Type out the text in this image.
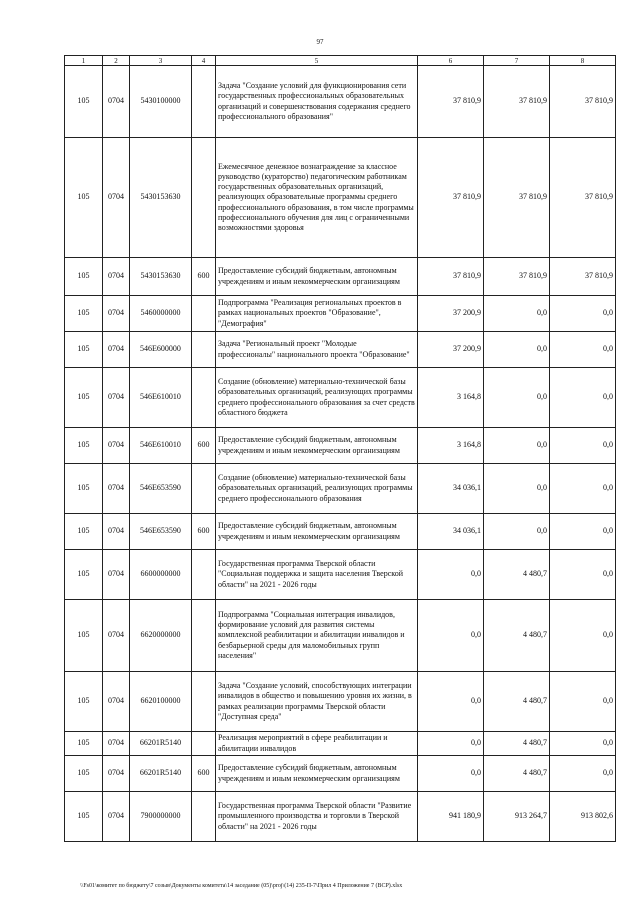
97
1	2	3	4	5	6	7	8
105	0704	5430100000		Задача "Создание условий для функционирования сети государственных профессиональных образовательных организаций и совершенствования содержания среднего профессионального образования"	37 810,9	37 810,9	37 810,9
105	0704	5430153630		Ежемесячное денежное вознаграждение за классное руководство (кураторство) педагогическим работникам государственных образовательных организаций, реализующих образовательные программы среднего профессионального образования, в том числе программы профессионального обучения для лиц с ограниченными возможностями здоровья	37 810,9	37 810,9	37 810,9
105	0704	5430153630	600	Предоставление субсидий бюджетным, автономным учреждениям и иным некоммерческим организациям	37 810,9	37 810,9	37 810,9
105	0704	5460000000		Подпрограмма "Реализация региональных проектов в рамках национальных проектов "Образование", "Демография"	37 200,9	0,0	0,0
105	0704	546E600000		Задача "Региональный проект "Молодые профессионалы" национального проекта "Образование"	37 200,9	0,0	0,0
105	0704	546E610010		Создание (обновление) материально-технической базы образовательных организаций, реализующих программы среднего профессионального образования за счет средств областного бюджета	3 164,8	0,0	0,0
105	0704	546E610010	600	Предоставление субсидий бюджетным, автономным учреждениям и иным некоммерческим организациям	3 164,8	0,0	0,0
105	0704	546E653590		Создание (обновление) материально-технической базы образовательных организаций, реализующих программы среднего профессионального образования	34 036,1	0,0	0,0
105	0704	546E653590	600	Предоставление субсидий бюджетным, автономным учреждениям и иным некоммерческим организациям	34 036,1	0,0	0,0
105	0704	6600000000		Государственная программа Тверской области "Социальная поддержка и защита населения Тверской области" на 2021 - 2026 годы	0,0	4 480,7	0,0
105	0704	6620000000		Подпрограмма "Социальная интеграция инвалидов, формирование условий для развития системы комплексной реабилитации и абилитации инвалидов и безбарьерной среды для маломобильных групп населения"	0,0	4 480,7	0,0
105	0704	6620100000		Задача "Создание условий, способствующих интеграции инвалидов в общество и повышению уровня их жизни, в рамках реализации программы Тверской области "Доступная среда"	0,0	4 480,7	0,0
105	0704	66201R5140		Реализация мероприятий в сфере реабилитации и абилитации инвалидов	0,0	4 480,7	0,0
105	0704	66201R5140	600	Предоставление субсидий бюджетным, автономным учреждениям и иным некоммерческим организациям	0,0	4 480,7	0,0
105	0704	7900000000		Государственная программа Тверской области "Развитие промышленного производства и торговли в Тверской области" на 2021 - 2026 годы	941 180,9	913 264,7	913 802,6
\\Fs01\комитет по бюджету\7 созыв\Документы комитета\14 заседание (05)\proj\(14) 235-П-7\Прил 4 Приложение 7 (ВСР).xlsx
